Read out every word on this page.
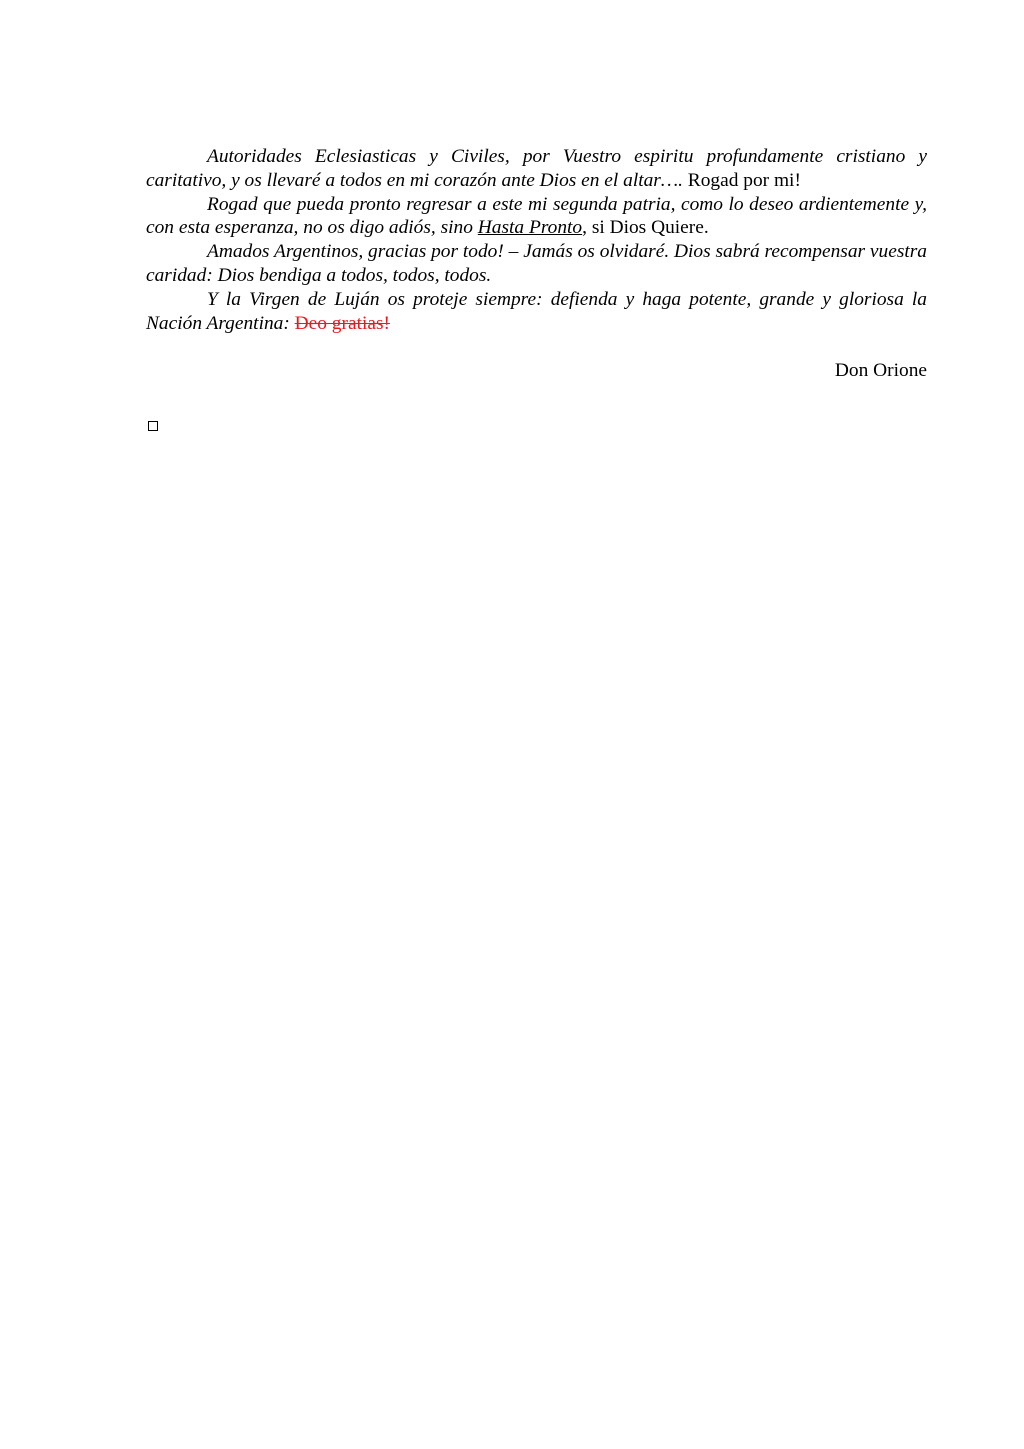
Autoridades Eclesiasticas y Civiles, por Vuestro espiritu profundamente cristiano y caritativo, y os llevaré a todos en mi corazón ante Dios en el altar…. Rogad por mi!

Rogad que pueda pronto regresar a este mi segunda patria, como lo deseo ardientemente y, con esta esperanza, no os digo adiós, sino Hasta Pronto, si Dios Quiere.

Amados Argentinos, gracias por todo! – Jamás os olvidaré. Dios sabrá recompensar vuestra caridad: Dios bendiga a todos, todos, todos.

Y la Virgen de Luján os proteje siempre: defienda y haga potente, grande y gloriosa la Nación Argentina: Deo gratias!

Don Orione
